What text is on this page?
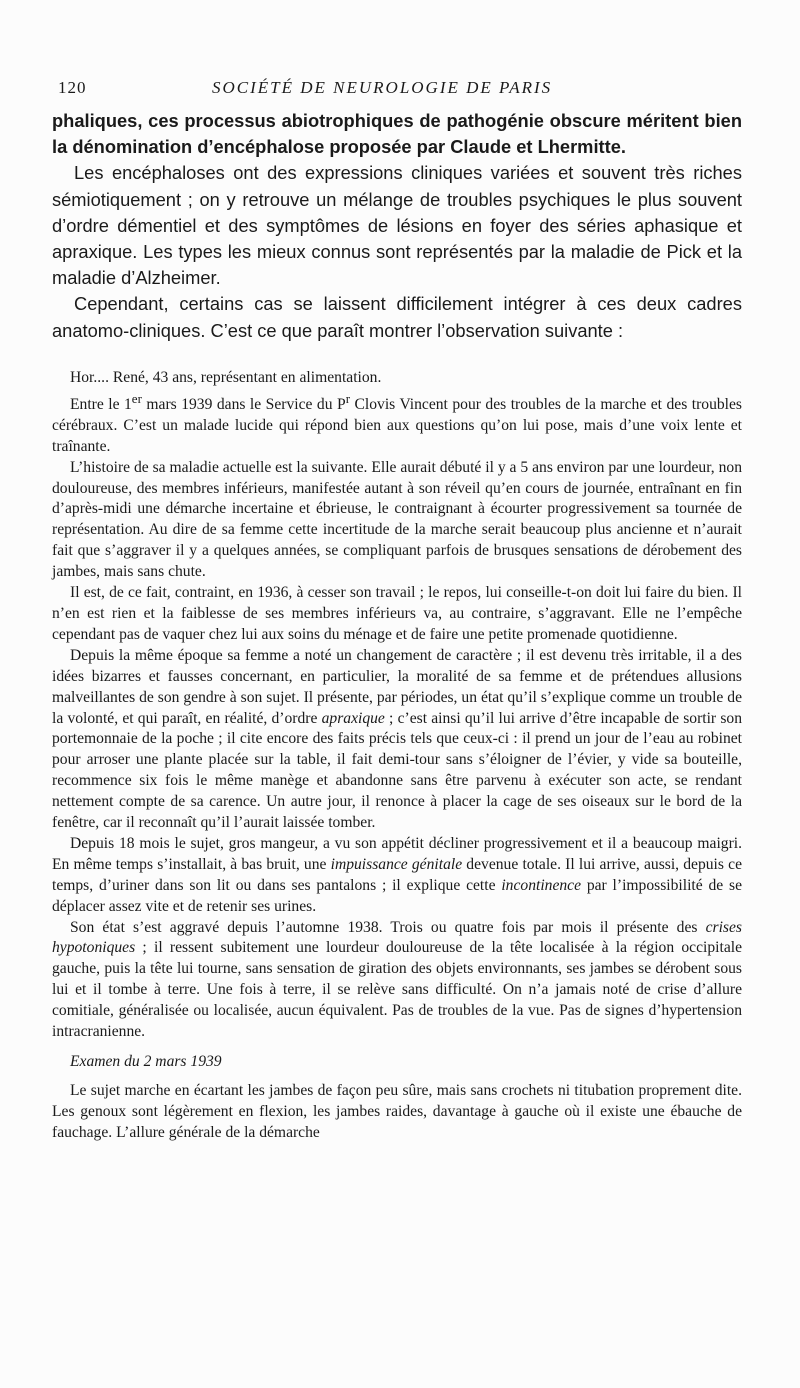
120	SOCIÉTÉ DE NEUROLOGIE DE PARIS

phaliques, ces processus abiotrophiques de pathogénie obscure méritent bien la dénomination d’encéphalose proposée par Claude et Lhermitte.

Les encéphaloses ont des expressions cliniques variées et souvent très riches sémiotiquement ; on y retrouve un mélange de troubles psychiques le plus souvent d’ordre démentiel et des symptômes de lésions en foyer des séries aphasique et apraxique. Les types les mieux connus sont représentés par la maladie de Pick et la maladie d’Alzheimer.

Cependant, certains cas se laissent difficilement intégrer à ces deux cadres anatomo-cliniques. C’est ce que paraît montrer l’observation suivante :

Hor.... René, 43 ans, représentant en alimentation.

Entre le 1er mars 1939 dans le Service du $P^r$ Clovis Vincent pour des troubles de la marche et des troubles cérébraux. C’est un malade lucide qui répond bien aux questions qu’on lui pose, mais d’une voix lente et traînante.

L’histoire de sa maladie actuelle est la suivante. Elle aurait débuté il y a 5 ans environ par une lourdeur, non douloureuse, des membres inférieurs, manifestée autant à son réveil qu’en cours de journée, entraînant en fin d’après-midi une démarche incertaine et ébrieuse, le contraignant à écourter progressivement sa tournée de représentation. Au dire de sa femme cette incertitude de la marche serait beaucoup plus ancienne et n’aurait fait que s’aggraver il y a quelques années, se compliquant parfois de brusques sensations de dérobement des jambes, mais sans chute.

Il est, de ce fait, contraint, en 1936, à cesser son travail ; le repos, lui conseille-t-on doit lui faire du bien. Il n’en est rien et la faiblesse de ses membres inférieurs va, au contraire, s’aggravant. Elle ne l’empêche cependant pas de vaquer chez lui aux soins du ménage et de faire une petite promenade quotidienne.

Depuis la même époque sa femme a noté un changement de caractère ; il est devenu très irritable, il a des idées bizarres et fausses concernant, en particulier, la moralité de sa femme et de prétendues allusions malveillantes de son gendre à son sujet. Il présente, par périodes, un état qu’il s’explique comme un trouble de la volonté, et qui paraît, en réalité, d’ordre apraxique ; c’est ainsi qu’il lui arrive d’être incapable de sortir son portemonnaie de la poche ; il cite encore des faits précis tels que ceux-ci : il prend un jour de l’eau au robinet pour arroser une plante placée sur la table, il fait demi-tour sans s’éloigner de l’évier, y vide sa bouteille, recommence six fois le même manège et abandonne sans être parvenu à exécuter son acte, se rendant nettement compte de sa carence. Un autre jour, il renonce à placer la cage de ses oiseaux sur le bord de la fenêtre, car il reconnaît qu’il l’aurait laissée tomber.

Depuis 18 mois le sujet, gros mangeur, a vu son appétit décliner progressivement et il a beaucoup maigri. En même temps s’installait, à bas bruit, une impuissance génitale devenue totale. Il lui arrive, aussi, depuis ce temps, d’uriner dans son lit ou dans ses pantalons ; il explique cette incontinence par l’impossibilité de se déplacer assez vite et de retenir ses urines.

Son état s’est aggravé depuis l’automne 1938. Trois ou quatre fois par mois il présente des crises hypotoniques ; il ressent subitement une lourdeur douloureuse de la tête localisée à la région occipitale gauche, puis la tête lui tourne, sans sensation de giration des objets environnants, ses jambes se dérobent sous lui et il tombe à terre. Une fois à terre, il se relève sans difficulté. On n’a jamais noté de crise d’allure comitiale, généralisée ou localisée, aucun équivalent. Pas de troubles de la vue. Pas de signes d’hypertension intracranienne.

Examen du 2 mars 1939

Le sujet marche en écartant les jambes de façon peu sûre, mais sans crochets ni titubation proprement dite. Les genoux sont légèrement en flexion, les jambes raides, davantage à gauche où il existe une ébauche de fauchage. L’allure générale de la démarche
